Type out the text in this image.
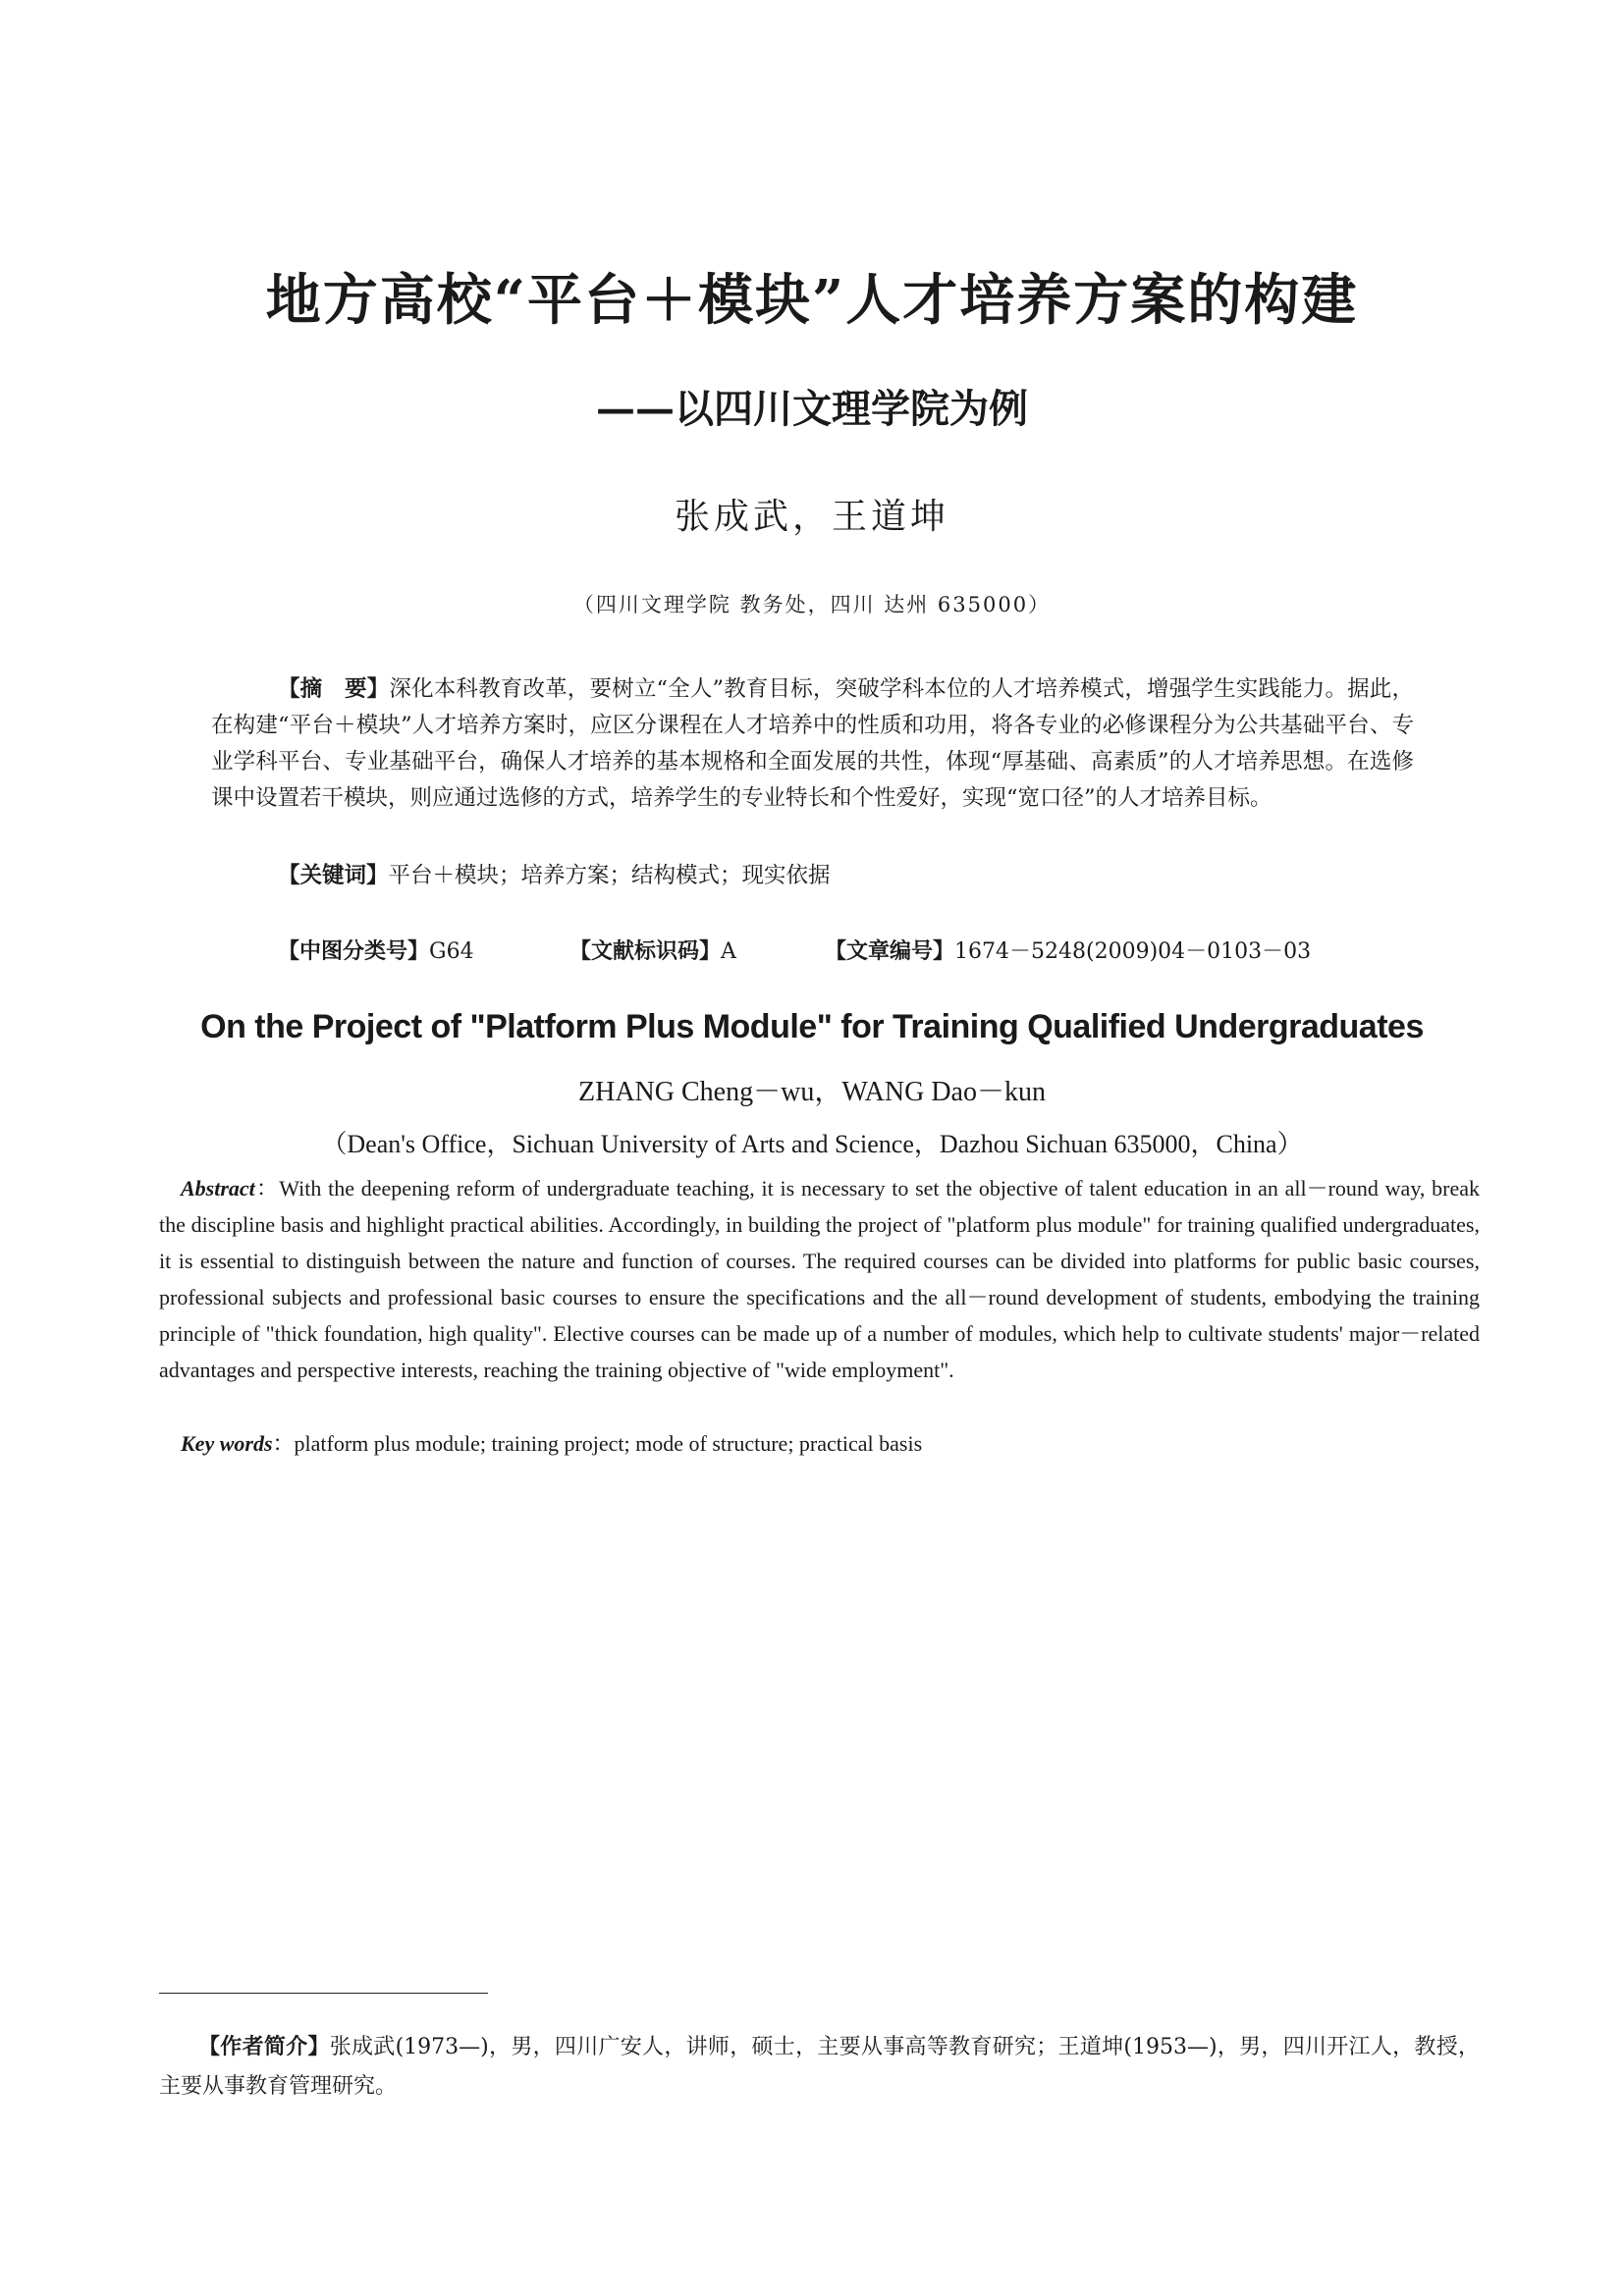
地方高校“平台＋模块”人才培养方案的构建
——以四川文理学院为例
张成武，王道坤
（四川文理学院 教务处，四川 达州 635000）
【摘　要】深化本科教育改革，要树立“全人”教育目标，突破学科本位的人才培养模式，增强学生实践能力。据此，在构建“平台＋模块”人才培养方案时，应区分课程在人才培养中的性质和功用，将各专业的必修课程分为公共基础平台、专业学科平台、专业基础平台，确保人才培养的基本规格和全面发展的共性，体现“厚基础、高素质”的人才培养思想。在选修课中设置若干模块，则应通过选修的方式，培养学生的专业特长和个性爱好，实现“宽口径”的人才培养目标。
【关键词】平台＋模块；培养方案；结构模式；现实依据
【中图分类号】G64	【文献标识码】A	【文章编号】1674－5248(2009)04－0103－03
On the Project of "Platform Plus Module" for Training Qualified Undergraduates
ZHANG Cheng－wu，WANG Dao－kun
（Dean's Office，Sichuan University of Arts and Science，Dazhou Sichuan 635000，China）
Abstract：With the deepening reform of undergraduate teaching, it is necessary to set the objective of talent education in an all－round way, break the discipline basis and highlight practical abilities. Accordingly, in building the project of "platform plus module" for training qualified undergraduates, it is essential to distinguish between the nature and function of courses. The required courses can be divided into platforms for public basic courses, professional subjects and professional basic courses to ensure the specifications and the all－round development of students, embodying the training principle of "thick foundation, high quality". Elective courses can be made up of a number of modules, which help to cultivate students' major－related advantages and perspective interests, reaching the training objective of "wide employment".
Key words：platform plus module; training project; mode of structure; practical basis
【作者简介】张成武(1973—)，男，四川广安人，讲师，硕士，主要从事高等教育研究；王道坤(1953—)，男，四川开江人，教授，主要从事教育管理研究。
